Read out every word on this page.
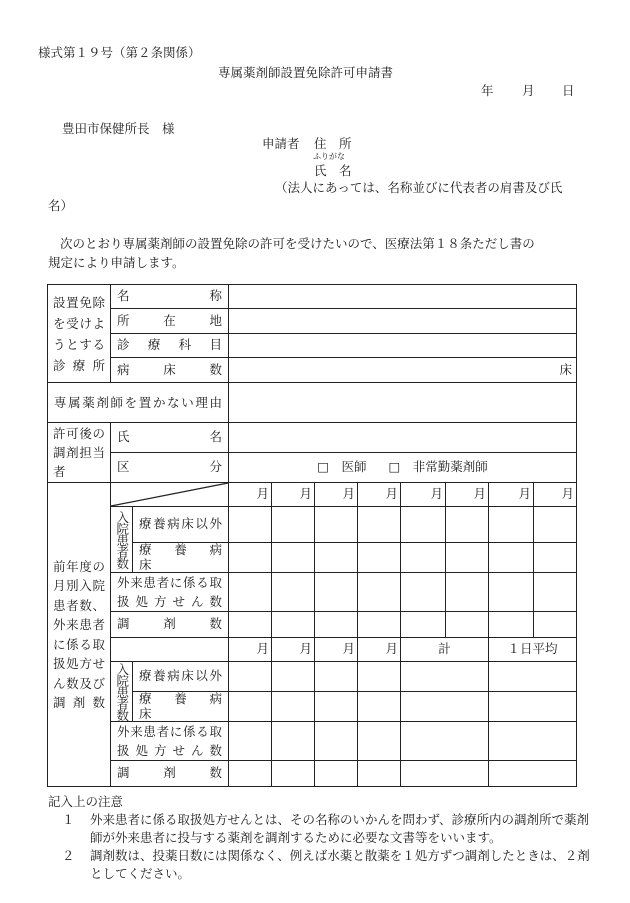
様式第１９号（第２条関係）
専属薬剤師設置免除許可申請書
年 月 日
豊田市保健所長　様
申請者 住　所
ふりがな
氏　名
（法人にあっては、名称並びに代表者の肩書及び氏
名）

次のとおり専属薬剤師の設置免除の許可を受けたいので、医療法第１８条ただし書の

規定により申請します。
設置免除を受けようとする診療所	名　　　　　　称									
	所　　在　　地									
	診　療　科　目									
	病　　床　　数		床							
専属薬剤師を置かない理由										
許可後の調剤担当者	氏　　　　　　名									
	区　　　　　　分		□　医師 □　非常勤薬剤師							
前年度の月別入院患者数、外来患者に係る取扱処方せん数及び調剤数			月	月	月	月	月	月	月	月
	入院患者数	療養病床以外								
		療　養　病　床								
	外来患者に係る取扱処方せん数									
	調　　剤　　数									
			月	月	月	月	計		１日平均	
	入院患者数	療養病床以外								
		療　養　病　床								
	外来患者に係る取扱処方せん数									
	調　　剤　　数									
記入上の注意
１	外来患者に係る取扱処方せんとは、その名称のいかんを問わず、診療所内の調剤所で薬剤師が外来患者に投与する薬剤を調剤するために必要な文書等をいいます。
２	調剤数は、投薬日数には関係なく、例えば水薬と散薬を１処方ずつ調剤したときは、２剤としてください。
